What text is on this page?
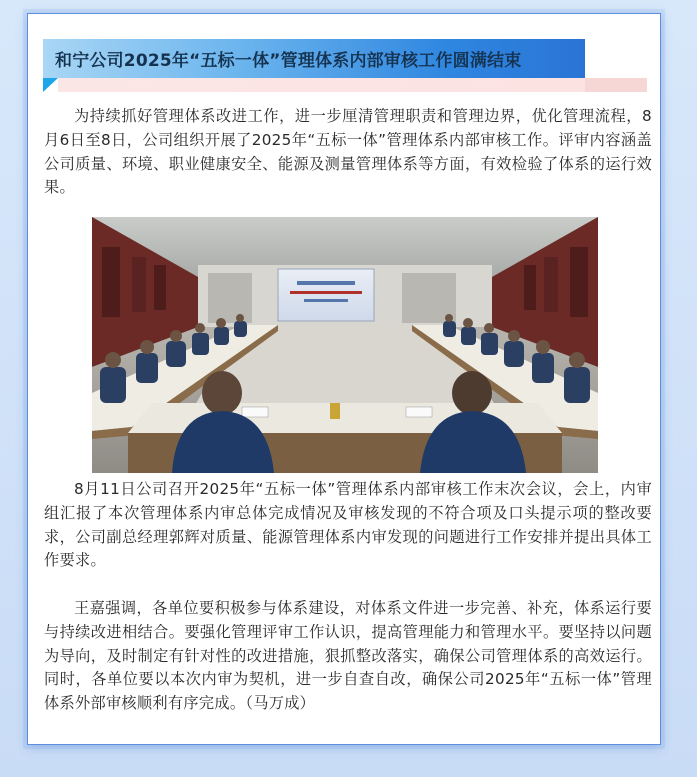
和宁公司2025年“五标一体”管理体系内部审核工作圆满结束

为持续抓好管理体系改进工作，进一步厘清管理职责和管理边界，优化管理流程，8月6日至8日，公司组织开展了2025年“五标一体”管理体系内部审核工作。评审内容涵盖公司质量、环境、职业健康安全、能源及测量管理体系等方面，有效检验了体系的运行效果。

8月11日公司召开2025年“五标一体”管理体系内部审核工作末次会议，会上，内审组汇报了本次管理体系内审总体完成情况及审核发现的不符合项及口头提示项的整改要求，公司副总经理郭辉对质量、能源管理体系内审发现的问题进行工作安排并提出具体工作要求。

王嘉强调，各单位要积极参与体系建设，对体系文件进一步完善、补充，体系运行要与持续改进相结合。要强化管理评审工作认识，提高管理能力和管理水平。要坚持以问题为导向，及时制定有针对性的改进措施，狠抓整改落实，确保公司管理体系的高效运行。同时，各单位要以本次内审为契机，进一步自查自改，确保公司2025年“五标一体”管理体系外部审核顺利有序完成。（马万成）
